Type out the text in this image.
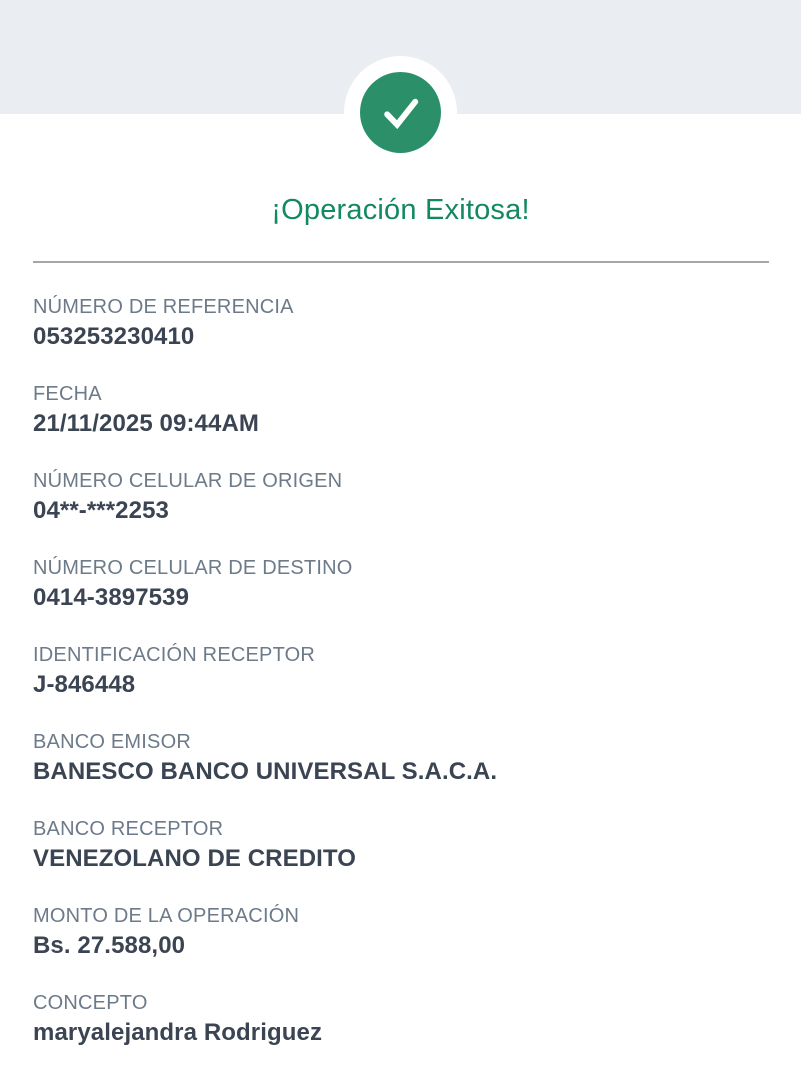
¡Operación Exitosa!
NÚMERO DE REFERENCIA
053253230410
FECHA
21/11/2025 09:44AM
NÚMERO CELULAR DE ORIGEN
04**-***2253
NÚMERO CELULAR DE DESTINO
0414-3897539
IDENTIFICACIÓN RECEPTOR
J-846448
BANCO EMISOR
BANESCO BANCO UNIVERSAL S.A.C.A.
BANCO RECEPTOR
VENEZOLANO DE CREDITO
MONTO DE LA OPERACIÓN
Bs. 27.588,00
CONCEPTO
maryalejandra Rodriguez
